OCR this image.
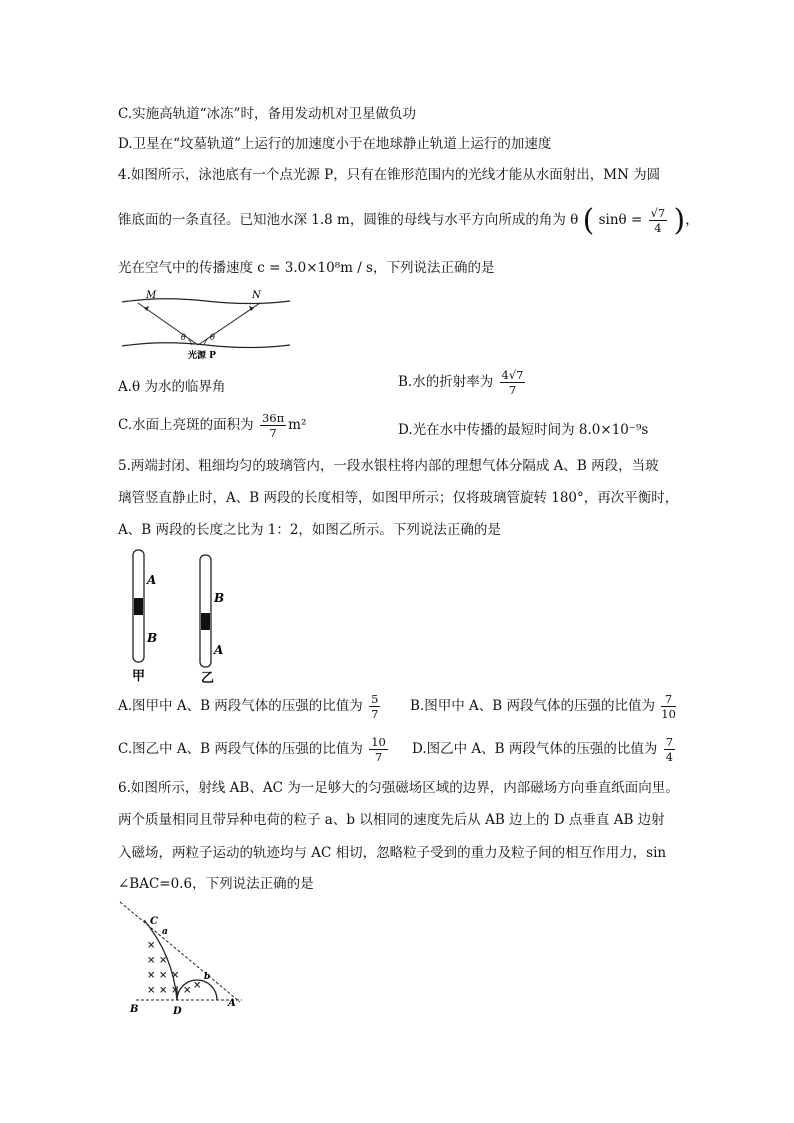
C.实施高轨道“冰冻”时，备用发动机对卫星做负功
D.卫星在“坟墓轨道”上运行的加速度小于在地球静止轨道上运行的加速度
4.如图所示，泳池底有一个点光源 P，只有在锥形范围内的光线才能从水面射出，MN 为圆
锥底面的一条直径。已知池水深 1.8 m，圆锥的母线与水平方向所成的角为 θ ( $\sin\theta = \frac{√7}{4}$ )，
光在空气中的传播速度 c = 3.0×10⁸m / s，下列说法正确的是
M	N
θ	θ
光源 P
A.θ 为水的临界角	B.水的折射率为 $\frac{4√7}{7}$
C.水面上亮斑的面积为 $\frac{36\pi}{7} m^2$	D.光在水中传播的最短时间为 8.0×10⁻⁹s
5.两端封闭、粗细均匀的玻璃管内，一段水银柱将内部的理想气体分隔成 A、B 两段，当玻
璃管竖直静止时，A、B 两段的长度相等，如图甲所示；仅将玻璃管旋转 180°，再次平衡时，
A、B 两段的长度之比为 1：2，如图乙所示。下列说法正确的是
A
B
甲
B
A
乙
A.图甲中 A、B 两段气体的压强的比值为 $\frac{5}{7} B$.图甲中 A、B 两段气体的压强的比值为 $\frac{7}{10}$
C.图乙中 A、B 两段气体的压强的比值为 $\frac{10}{7} D$.图乙中 A、B 两段气体的压强的比值为 $\frac{7}{4}$
6.如图所示，射线 AB、AC 为一足够大的匀强磁场区域的边界，内部磁场方向垂直纸面向里。
两个质量相同且带异种电荷的粒子 a、b 以相同的速度先后从 AB 边上的 D 点垂直 AB 边射
入磁场，两粒子运动的轨迹均与 AC 相切，忽略粒子受到的重力及粒子间的相互作用力，sin
∠BAC=0.6，下列说法正确的是
×
× ×
× × ×
× × × × ×
C
a
b
B	D
A
